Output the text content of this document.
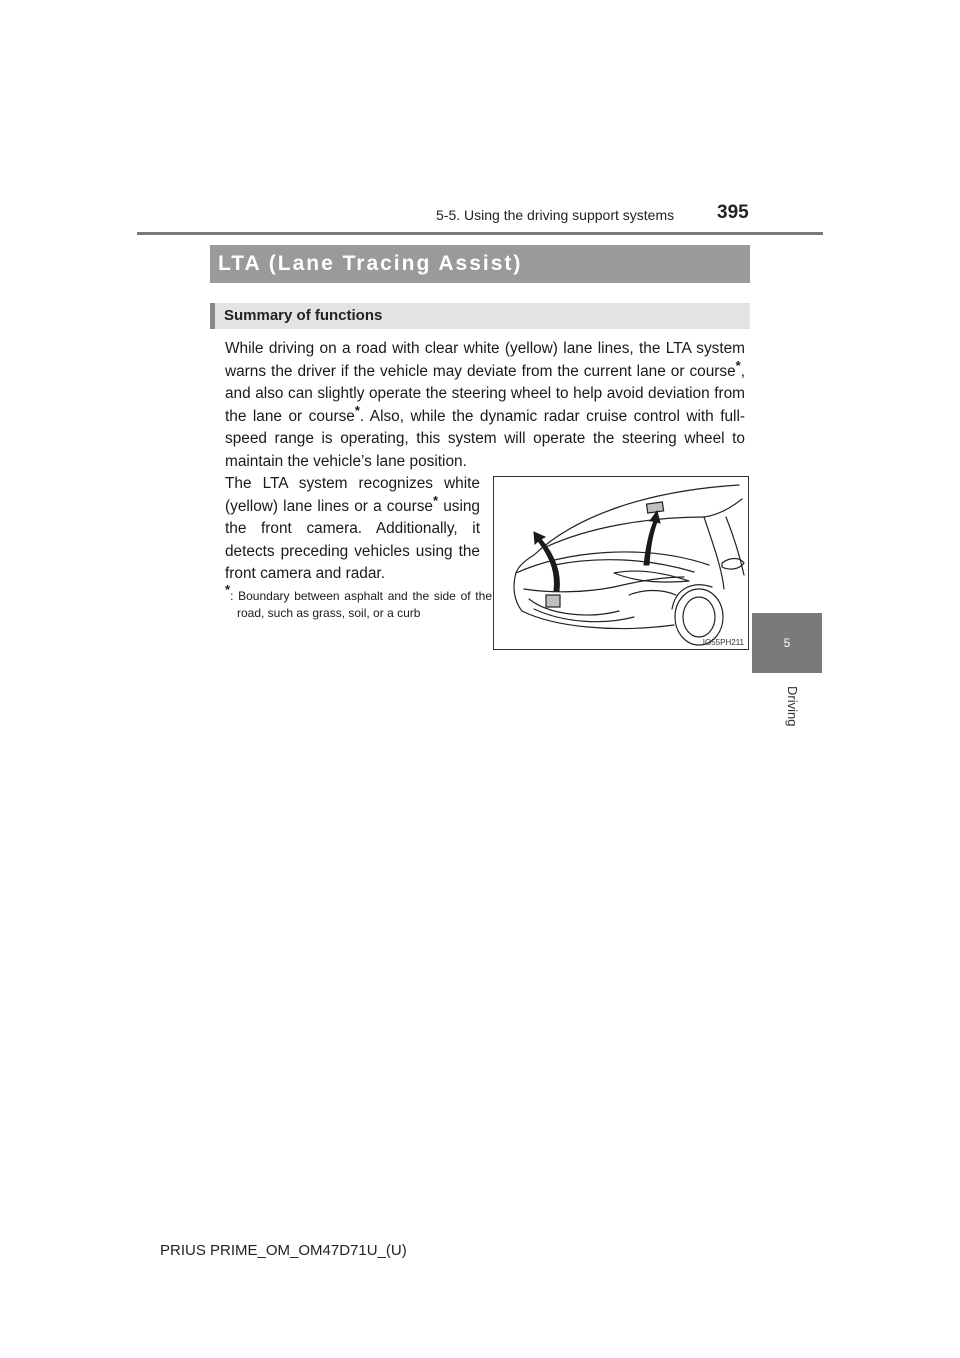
5-5. Using the driving support systems 395
5
Driving
LTA (Lane Tracing Assist)
Summary of functions

While driving on a road with clear white (yellow) lane lines, the LTA system warns the driver if the vehicle may deviate from the current lane or course*, and also can slightly operate the steering wheel to help avoid deviation from the lane or course*. Also, while the dynamic radar cruise control with full-speed range is operating, this system will operate the steering wheel to maintain the vehicle’s lane position.

The LTA system recognizes white (yellow) lane lines or a course* using the front camera. Additionally, it detects preceding vehicles using the front camera and radar.

*: Boundary between asphalt and the side of the road, such as grass, soil, or a curb

IO55PH211
PRIUS PRIME_OM_OM47D71U_(U)
